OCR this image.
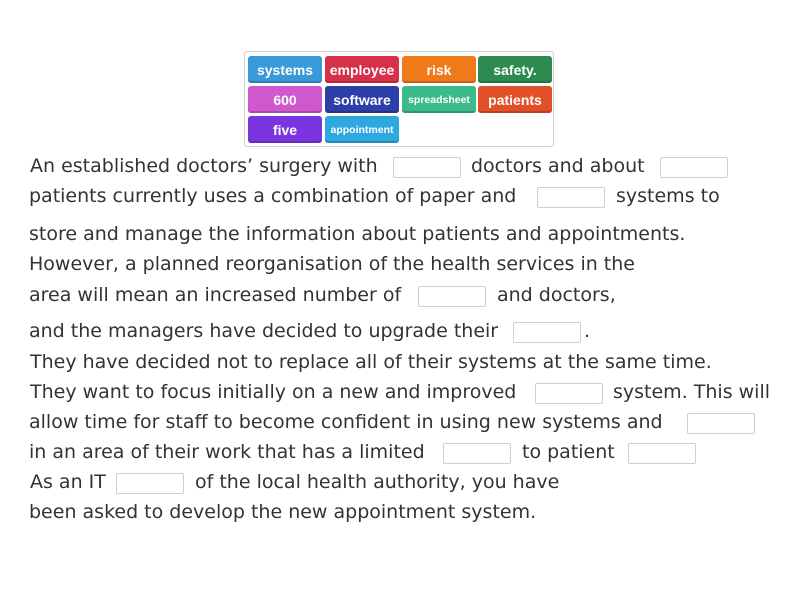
systems	employee	risk	safety.
600	software	spreadsheet	patients
five	appointment
An established doctors’ surgery with	doctors and about
patients currently uses a combination of paper and	systems to
store and manage the information about patients and appointments.
However, a planned reorganisation of the health services in the
area will mean an increased number of	and doctors,
and the managers have decided to upgrade their	.
They have decided not to replace all of their systems at the same time.
They want to focus initially on a new and improved	system. This will
allow time for staff to become confident in using new systems and
in an area of their work that has a limited	to patient
As an IT	of the local health authority, you have
been asked to develop the new appointment system.
